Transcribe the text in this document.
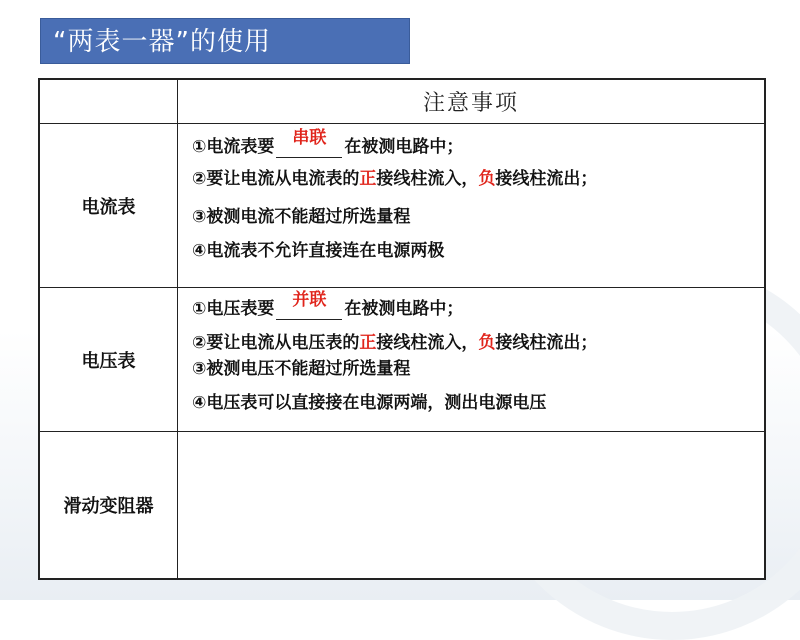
“两表一器”的使用
注意事项
电流表
①电流表要 串联 在被测电路中；
②要让电流从电流表的正接线柱流入，负接线柱流出；
③被测电流不能超过所选量程
④电流表不允许直接连在电源两极
电压表
①电压表要 并联 在被测电路中；
②要让电流从电压表的正接线柱流入，负接线柱流出；
③被测电压不能超过所选量程
④电压表可以直接接在电源两端，测出电源电压
滑动变阻器
